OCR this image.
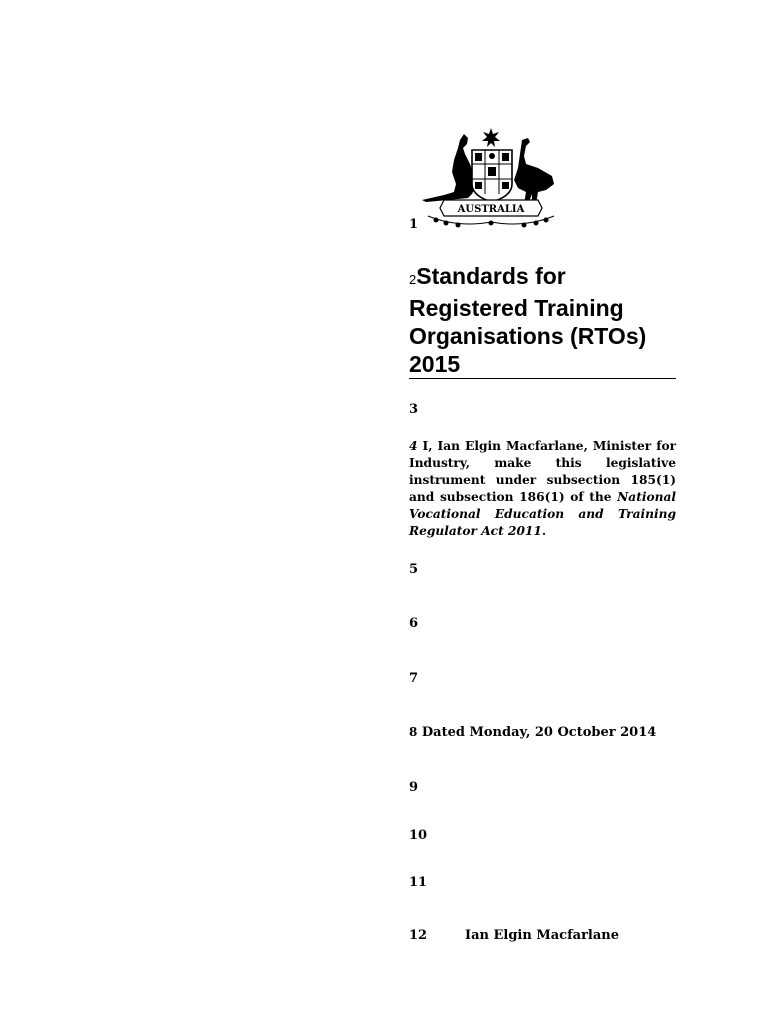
AUSTRALIA
1
2Standards for Registered Training Organisations (RTOs) 2015
3
4 I, Ian Elgin Macfarlane, Minister for Industry, make this legislative instrument under subsection 185(1) and subsection 186(1) of the National Vocational Education and Training Regulator Act 2011.
5
6
7
8 Dated Monday, 20 October 2014
9
10
11
12	Ian Elgin Macfarlane
